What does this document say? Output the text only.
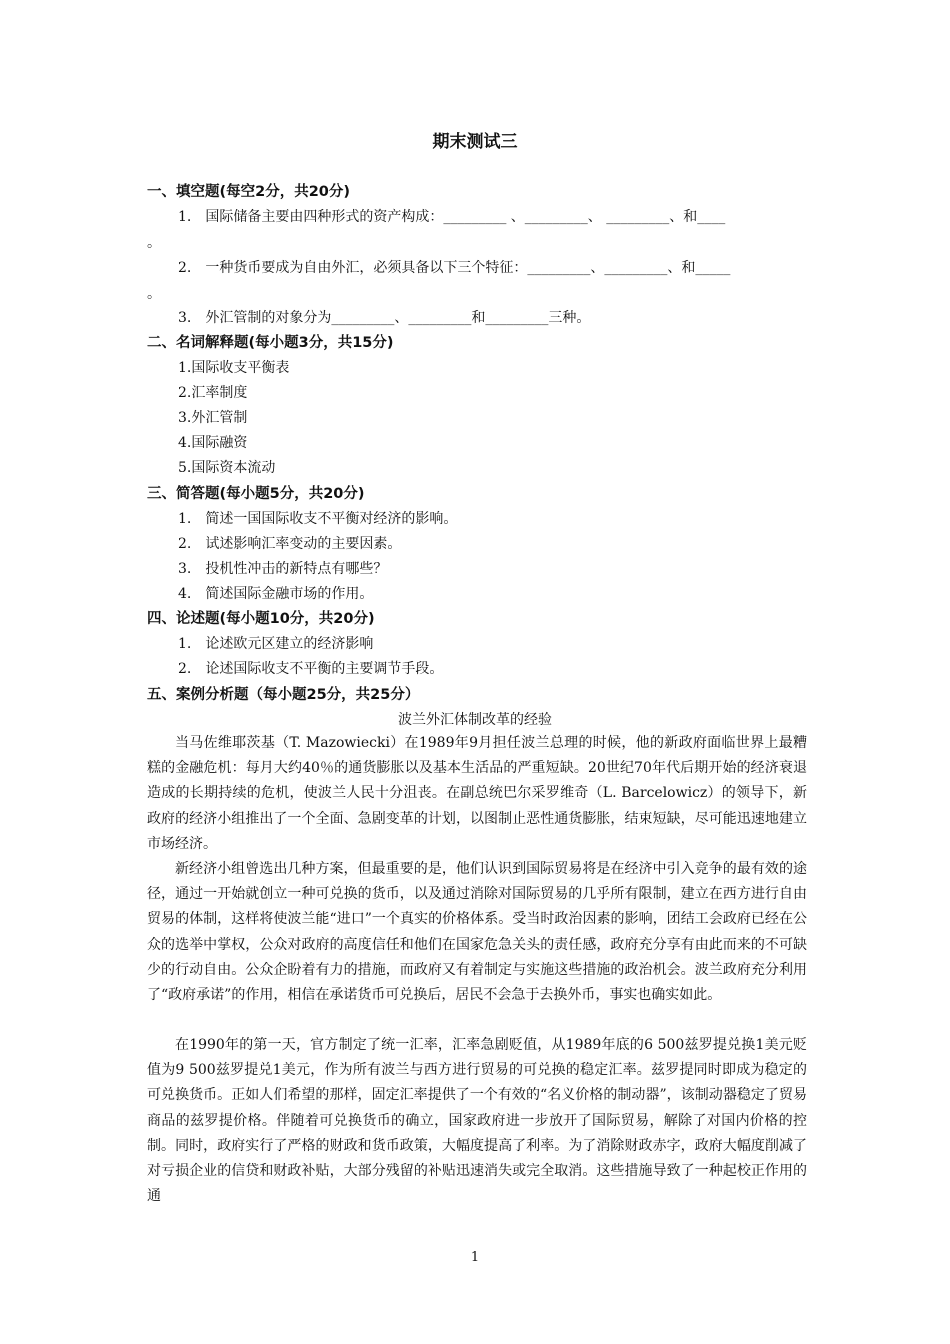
期末测试三
一、填空题(每空2分，共20分)
1.　国际储备主要由四种形式的资产构成：_________ 、_________、 _________、和____
。
2.　一种货币要成为自由外汇，必须具备以下三个特征：_________、_________、和_____
。
3.　外汇管制的对象分为_________、_________和_________三种。
二、名词解释题(每小题3分，共15分)
1.国际收支平衡表
2.汇率制度
3.外汇管制
4.国际融资
5.国际资本流动
三、简答题(每小题5分，共20分)
1.　简述一国国际收支不平衡对经济的影响。
2.　试述影响汇率变动的主要因素。
3.　投机性冲击的新特点有哪些？
4.　简述国际金融市场的作用。
四、论述题(每小题10分，共20分)
1.　论述欧元区建立的经济影响
2.　论述国际收支不平衡的主要调节手段。
五、案例分析题（每小题25分，共25分）
波兰外汇体制改革的经验
当马佐维耶茨基（T. Mazowiecki）在1989年9月担任波兰总理的时候，他的新政府面临世界上最糟糕的金融危机：每月大约40％的通货膨胀以及基本生活品的严重短缺。20世纪70年代后期开始的经济衰退造成的长期持续的危机，使波兰人民十分沮丧。在副总统巴尔采罗维奇（L. Barcelowicz）的领导下，新政府的经济小组推出了一个全面、急剧变革的计划，以图制止恶性通货膨胀，结束短缺，尽可能迅速地建立市场经济。
新经济小组曾选出几种方案，但最重要的是，他们认识到国际贸易将是在经济中引入竞争的最有效的途径，通过一开始就创立一种可兑换的货币，以及通过消除对国际贸易的几乎所有限制，建立在西方进行自由贸易的体制，这样将使波兰能“进口”一个真实的价格体系。受当时政治因素的影响，团结工会政府已经在公众的选举中掌权，公众对政府的高度信任和他们在国家危急关头的责任感，政府充分享有由此而来的不可缺少的行动自由。公众企盼着有力的措施，而政府又有着制定与实施这些措施的政治机会。波兰政府充分利用了“政府承诺”的作用，相信在承诺货币可兑换后，居民不会急于去换外币，事实也确实如此。
在1990年的第一天，官方制定了统一汇率，汇率急剧贬值，从1989年底的6 500兹罗提兑换1美元贬值为9 500兹罗提兑1美元，作为所有波兰与西方进行贸易的可兑换的稳定汇率。兹罗提同时即成为稳定的可兑换货币。正如人们希望的那样，固定汇率提供了一个有效的“名义价格的制动器”，该制动器稳定了贸易商品的兹罗提价格。伴随着可兑换货币的确立，国家政府进一步放开了国际贸易，解除了对国内价格的控制。同时，政府实行了严格的财政和货币政策，大幅度提高了利率。为了消除财政赤字，政府大幅度削减了对亏损企业的信贷和财政补贴，大部分残留的补贴迅速消失或完全取消。这些措施导致了一种起校正作用的通
1
